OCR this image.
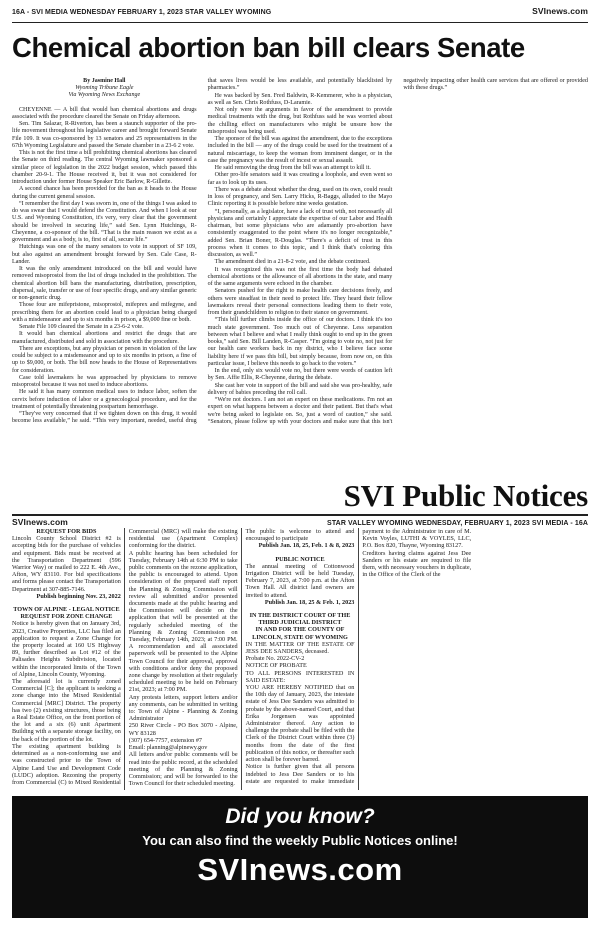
16A - SVI MEDIA WEDNESDAY FEBRUARY 1, 2023 STAR VALLEY WYOMING	SVInews.com
Chemical abortion ban bill clears Senate

By Jasmine Hall

Wyoming Tribune Eagle

Via Wyoming News Exchange

CHEYENNE — A bill that would ban chemical abortions and drugs associated with the procedure cleared the Senate on Friday afternoon.

Sen. Tim Salazar, R-Riverton, has been a staunch supporter of the pro-life movement throughout his legislative career and brought forward Senate File 109. It was co-sponsored by 13 senators and 25 representatives in the 67th Wyoming Legislature and passed the Senate chamber in a 23-6 2 vote.

This is not the first time a bill prohibiting chemical abortions has cleared the Senate on third reading. The central Wyoming lawmaker sponsored a similar piece of legislation in the 2022 budget session, which passed this chamber 20-9-1. The House received it, but it was not considered for introduction under former House Speaker Eric Barlow, R-Gillette.

A second chance has been provided for the ban as it heads to the House during the current general session.

“I remember the first day I was sworn in, one of the things I was asked to do was swear that I would defend the Constitution. And when I look at our U.S. and Wyoming Constitution, it's very, very clear that the government should be involved in securing life,” said Sen. Lynn Hutchings, R-Cheyenne, a co-sponsor of the bill. “That is the main reason we exist as a government and as a body, is to, first of all, secure life.”

Hutchings was one of the many senators to vote in support of SF 109, but also against an amendment brought forward by Sen. Cale Case, R-Lander.

It was the only amendment introduced on the bill and would have removed misoprostol from the list of drugs included in the prohibition. The chemical abortion bill bans the manufacturing, distribution, prescription, dispersal, sale, transfer or use of four specific drugs, and any similar generic or non-generic drug.

Those four are mifepristone, misoprostol, mifeprex and mifegyne, and prescribing them for an abortion could lead to a physician being charged with a misdemeanor and up to six months in prison, a $9,000 fine or both.

Senate File 109 cleared the Senate in a 23-6-2 vote.

It would ban chemical abortions and restrict the drugs that are manufactured, distributed and sold in association with the procedure.

There are exceptions, but any physician or person in violation of the law could be subject to a misdemeanor and up to six months in prison, a fine of up to $9,000, or both. The bill now heads to the House of Representatives for consideration.

Case told lawmakers he was approached by physicians to remove misoprostol because it was not used to induce abortions.

He said it has many common medical uses to induce labor, soften the cervix before induction of labor or a gynecological procedure, and for the treatment of potentially threatening postpartum hemorrhage.

“They've very concerned that if we tighten down on this drug, it would become less available,” he said. “This very important, needed, useful drug that saves lives would be less available, and potentially blacklisted by pharmacies.”

He was backed by Sen. Fred Baldwin, R-Kemmerer, who is a physician, as well as Sen. Chris Rothfuss, D-Laramie.

Not only were the arguments in favor of the amendment to provide medical treatments with the drug, but Rothfuss said he was worried about the chilling effect on manufacturers who might be unsure how the misoprostol was being used.

The sponsor of the bill was against the amendment, due to the exceptions included in the bill — any of the drugs could be used for the treatment of a natural miscarriage, to keep the woman from imminent danger, or in the case the pregnancy was the result of incest or sexual assault.

He said removing the drug from the bill was an attempt to kill it.

Other pro-life senators said it was creating a loophole, and even went so far as to look up its uses.

There was a debate about whether the drug, used on its own, could result in loss of pregnancy, and Sen. Larry Hicks, R-Baggs, alluded to the Mayo Clinic reporting it is possible before nine weeks gestation.

“I, personally, as a legislator, have a lack of trust with, not necessarily all physicians and certainly I appreciate the expertise of our Labor and Health chairman, but some physicians who are adamantly pro-abortion have consistently exaggerated to the point where it's no longer recognizable,” added Sen. Brian Boner, R-Douglas. “There's a deficit of trust in this process when it comes to this topic, and I think that's coloring this discussion, as well.”

The amendment died in a 21-8-2 vote, and the debate continued.

It was recognized this was not the first time the body had debated chemical abortions or the allowance of all abortions in the state, and many of the same arguments were echoed in the chamber.

Senators pushed for the right to make health care decisions freely, and others were steadfast in their need to protect life. They heard their fellow lawmakers reveal their personal connections leading them to their vote, from their grandchildren to religion to their stance on government.

“This bill further climbs inside the office of our doctors. I think it's too much state government. Too much out of Cheyenne. Less separation between what I believe and what I really think ought to end up in the green books,” said Sen. Bill Landen, R-Casper. “I'm going to vote no, not just for our health care workers back in my district, who I believe face some liability here if we pass this bill, but simply because, from now on, on this particular issue, I believe this needs to go back to the voters.”

In the end, only six would vote no, but there were words of caution left by Sen. Affie Ellis, R-Cheyenne, during the debate.

She cast her vote in support of the bill and said she was pro-healthy, safe delivery of babies preceding the roll call.

“We're not doctors. I am not an expert on these medications. I'm not an expert on what happens between a doctor and their patient. But that's what we're being asked to legislate on. So, just a word of caution,” she said. “Senators, please follow up with your doctors and make sure that this isn't negatively impacting other health care services that are offered or provided with these drugs.”

SVI Public Notices
SVInews.com	STAR VALLEY WYOMING WEDNESDAY, FEBRUARY 1, 2023 SVI MEDIA - 16A

REQUEST FOR BIDS

Lincoln County School District #2 is accepting bids for the purchase of vehicles and equipment. Bids must be received at the Transportation Department (596 Warrior Way) or mailed to 222 E. 4th Ave., Afton, WY 83110. For bid specifications and forms please contact the Transportation Department at 307-885-7146.

Publish beginning Nov. 23, 2022

TOWN OF ALPINE - LEGAL NOTICE

REQUEST FOR ZONE CHANGE

Notice is hereby given that on January 3rd, 2023, Creative Properties, LLC has filed an application to request a Zone Change for the property located at 160 US Highway 89, further described as Lot #12 of the Palisades Heights Subdivision, located within the incorporated limits of the Town of Alpine, Lincoln County, Wyoming.

The aforesaid lot is currently zoned Commercial [C]; the applicant is seeking a zone change into the Mixed Residential Commercial [MRC] District. The property has two (2) existing structures, those being a Real Estate Office, on the front portion of the lot and a six (6) unit Apartment Building with a separate storage facility, on the back of the portion of the lot.

The existing apartment building is determined as a non-conforming use and was constructed prior to the Town of Alpine Land Use and Development Code (LUDC) adoption. Rezoning the property from Commercial (C) to Mixed Residential Commercial (MRC) will make the existing residential use (Apartment Complex) conforming for the district.

A public hearing has been scheduled for Tuesday, February 14th at 6:30 PM to take public comments on the rezone application, the public is encouraged to attend. Upon consideration of the prepared staff report the Planning & Zoning Commission will review all submitted and/or presented documents made at the public hearing and the Commission will decide on the application that will be presented at the regularly scheduled meeting of the Planning & Zoning Commission on Tuesday, February 14th, 2023; at 7:00 PM. A recommendation and all associated paperwork will be presented to the Alpine Town Council for their approval, approval with conditions and/or deny the proposed zone change by resolution at their regularly scheduled meeting to be held on February 21st, 2023; at 7:00 PM.

Any protests letters, support letters and/or any comments, can be submitted in writing to: Town of Alpine - Planning & Zoning Administrator

250 River Circle - PO Box 3070 - Alpine, WY 83128

(307) 654-7757, extension #7

Email: planning@alpinewy.gov

All letters and/or public comments will be read into the public record, at the scheduled meeting of the Planning & Zoning Commission; and will be forwarded to the Town Council for their scheduled meeting.

The public is welcome to attend and encouraged to participate

Publish Jan. 18, 25, Feb. 1 & 8, 2023

PUBLIC NOTICE

The annual meeting of Cottonwood Irrigation District will be held Tuesday, February 7, 2023, at 7:00 p.m. at the Afton Town Hall. All district land owners are invited to attend.

Publish Jan. 18, 25 & Feb. 1, 2023

IN THE DISTRICT COURT OF THE THIRD JUDICIAL DISTRICT

IN AND FOR THE COUNTY OF LINCOLN, STATE OF WYOMING

IN THE MATTER OF THE ESTATE OF JESS DEE SANDERS, deceased.

Probate No. 2022-CV-2

NOTICE OF PROBATE

TO ALL PERSONS INTERESTED IN SAID ESTATE:

YOU ARE HEREBY NOTIFIED that on the 10th day of January, 2023, the intestate estate of Jess Dee Sanders was admitted to probate by the above-named Court, and that Erika Jorgensen was appointed Administrator thereof. Any action to challenge the probate shall be filed with the Clerk of the District Court within three (3) months from the date of the first publication of this notice, or thereafter such action shall be forever barred.

Notice is further given that all persons indebted to Jess Dee Sanders or to his estate are requested to make immediate payment to the Administrator in care of M. Kevin Voyles, LUTHI & VOYLES, LLC, P.O. Box 820, Thayne, Wyoming 83127.

Creditors having claims against Jess Dee Sanders or his estate are required to file them, with necessary vouchers in duplicate, in the Office of the Clerk of the

Did you know?
You can also find the weekly Public Notices online!
SVInews.com
